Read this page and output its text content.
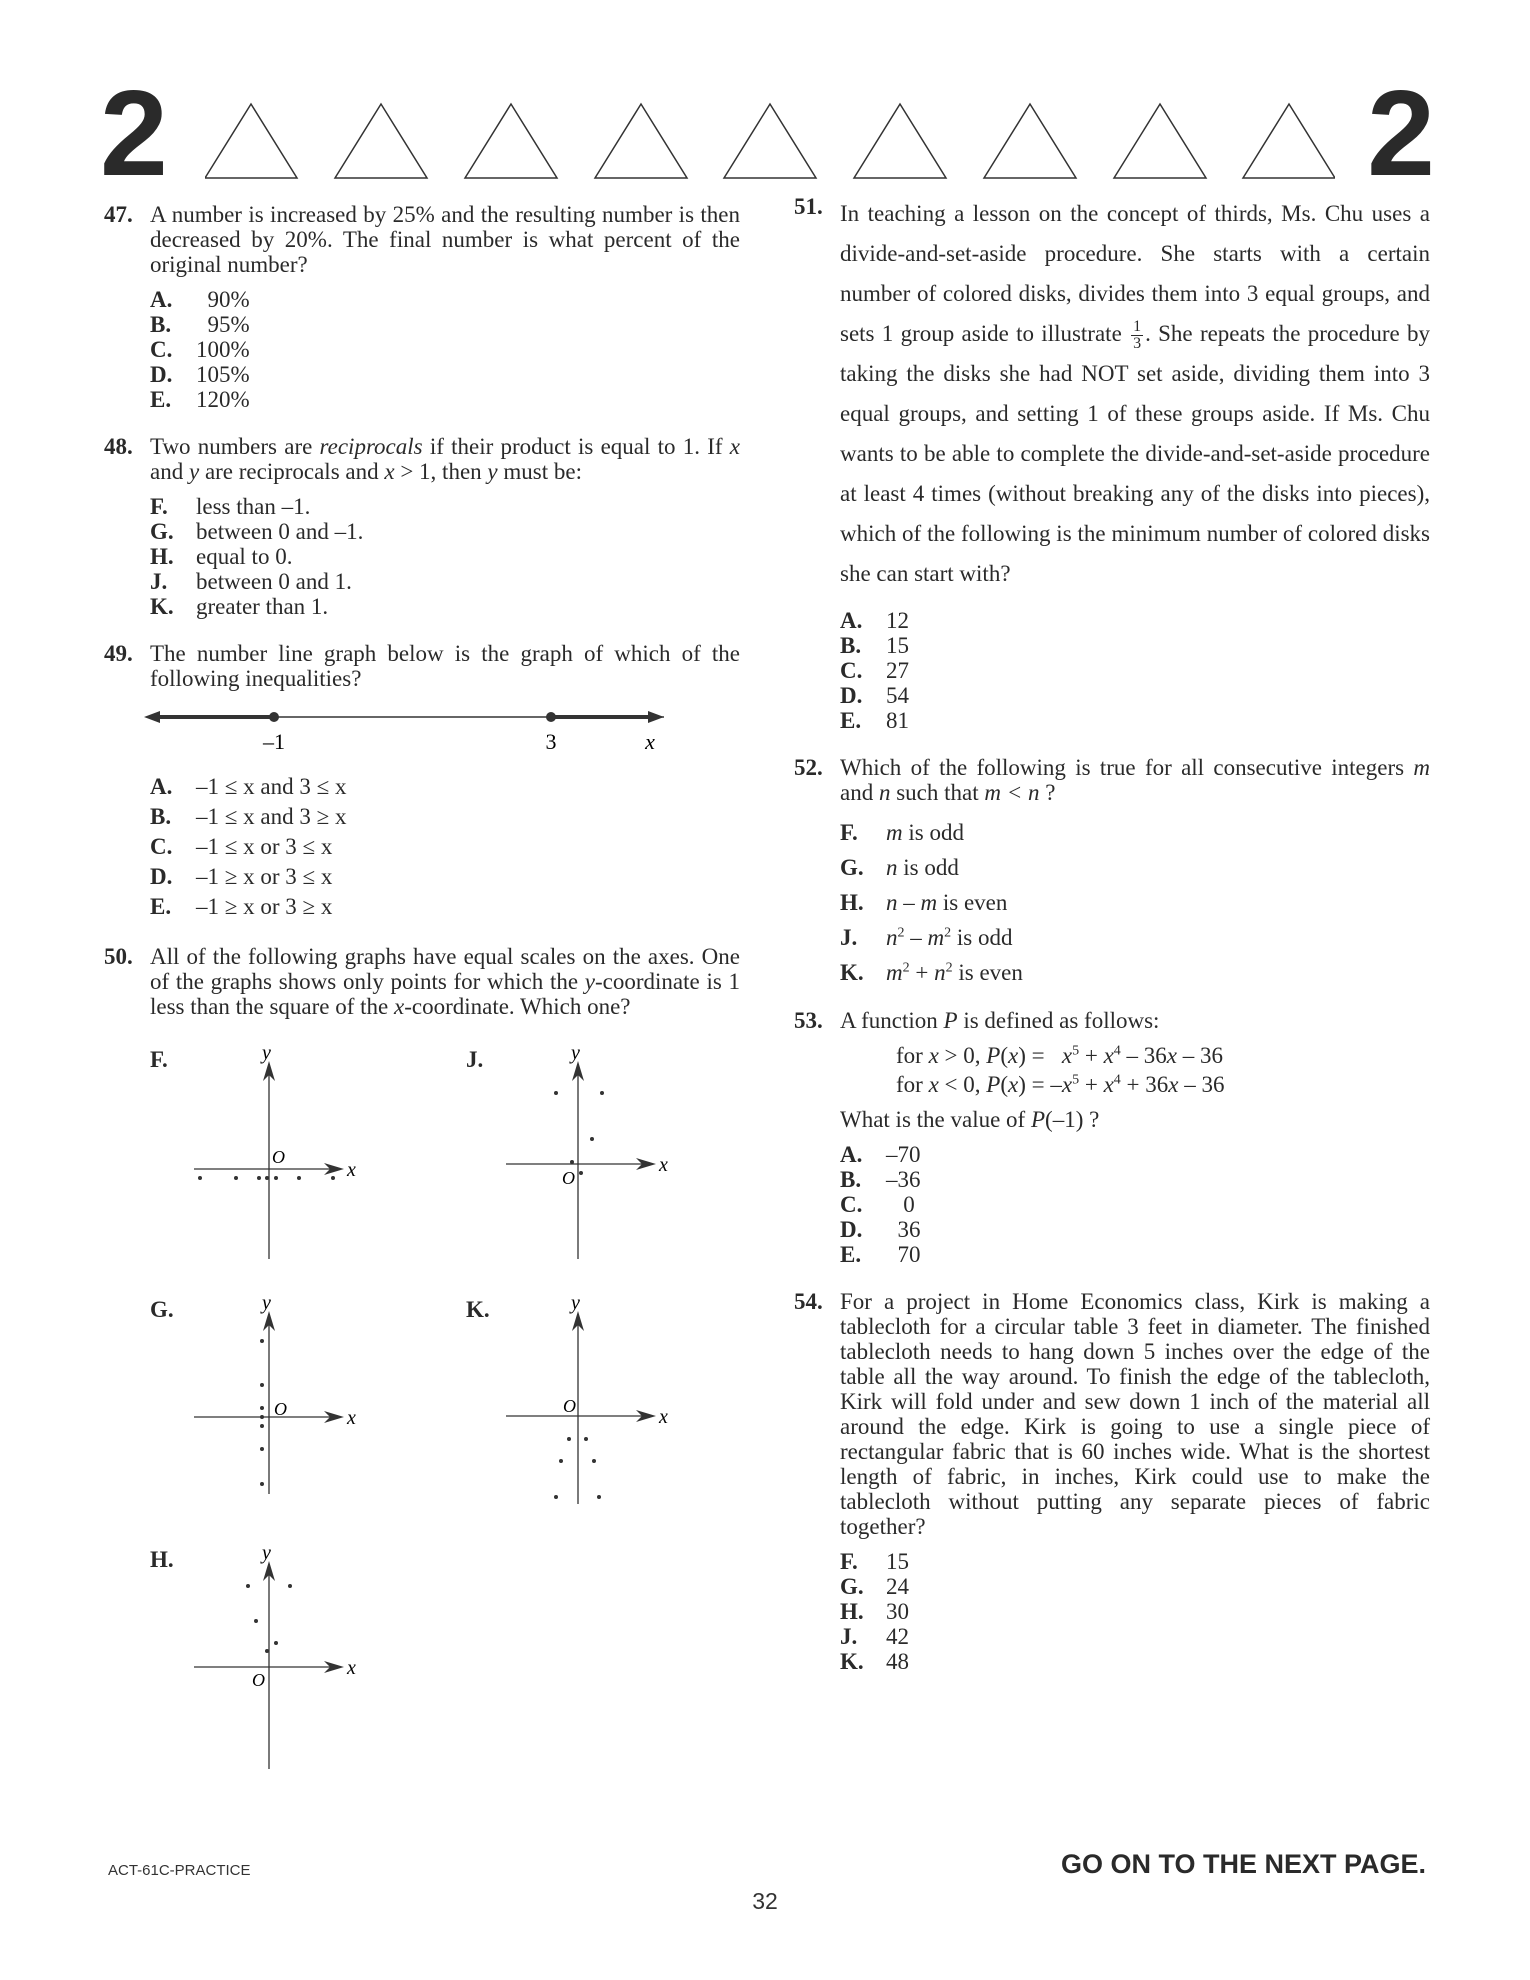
2	2
47. A number is increased by 25% and the resulting number is then decreased by 20%. The final number is what percent of the original number?
A.	90%
B.	95%
C.	100%
D.	105%
E.	120%
48. Two numbers are reciprocals if their product is equal to 1. If x and y are reciprocals and x > 1, then y must be:
F.	less than –1.
G. between 0 and –1.
H. equal to 0.
J.	between 0 and 1.
K. greater than 1.
49. The number line graph below is the graph of which of the following inequalities?
–1	3	x
A.	–1 ≤ x and 3 ≤ x
B.	–1 ≤ x and 3 ≥ x
C.	–1 ≤ x or 3 ≤ x
D.	–1 ≥ x or 3 ≤ x
E.	–1 ≥ x or 3 ≥ x
50. All of the following graphs have equal scales on the axes. One of the graphs shows only points for which the y-coordinate is 1 less than the square of the x-coordinate. Which one?
F.	y
x
O
J.	y
x
O
G.	y
x
O
K.	y
x
O
H.	y
x
O
51. In teaching a lesson on the concept of thirds, Ms. Chu uses a divide-and-set-aside procedure. She starts with a certain number of colored disks, divides them into 3 equal groups, and sets 1 group aside to illustrate $\frac{1}{3}$ . She repeats the procedure by taking the disks she had NOT set aside, dividing them into 3 equal groups, and setting 1 of these groups aside. If Ms. Chu wants to be able to complete the divide-and-set-aside procedure at least 4 times (without breaking any of the disks into pieces), which of the following is the minimum number of colored disks she can start with?
A.	12
B.	15
C.	27
D.	54
E.	81
52. Which of the following is true for all consecutive integers m and n such that m < n ?
F.	m is odd
G. n is odd
H. n – m is even
J.	$n^2 - m^2$ is odd
K. $m^2 + n^2$ is even
53. A function P is defined as follows:
for x > 0, $P(x) = x^5 + x^4 - 36x - 36$
for x < 0, $P(x) = -x^5 + x^4 + 36x - 36$
What is the value of P(–1) ?
A.	–70
B.	–36
C.	0
D.	36
E.	70
54. For a project in Home Economics class, Kirk is making a tablecloth for a circular table 3 feet in diameter. The finished tablecloth needs to hang down 5 inches over the edge of the table all the way around. To finish the edge of the tablecloth, Kirk will fold under and sew down 1 inch of the material all around the edge. Kirk is going to use a single piece of rectangular fabric that is 60 inches wide. What is the shortest length of fabric, in inches, Kirk could use to make the tablecloth without putting any separate pieces of fabric together?
F.	15
G. 24
H. 30
J.	42
K. 48
ACT-61C-PRACTICE	GO ON TO THE NEXT PAGE.
32
